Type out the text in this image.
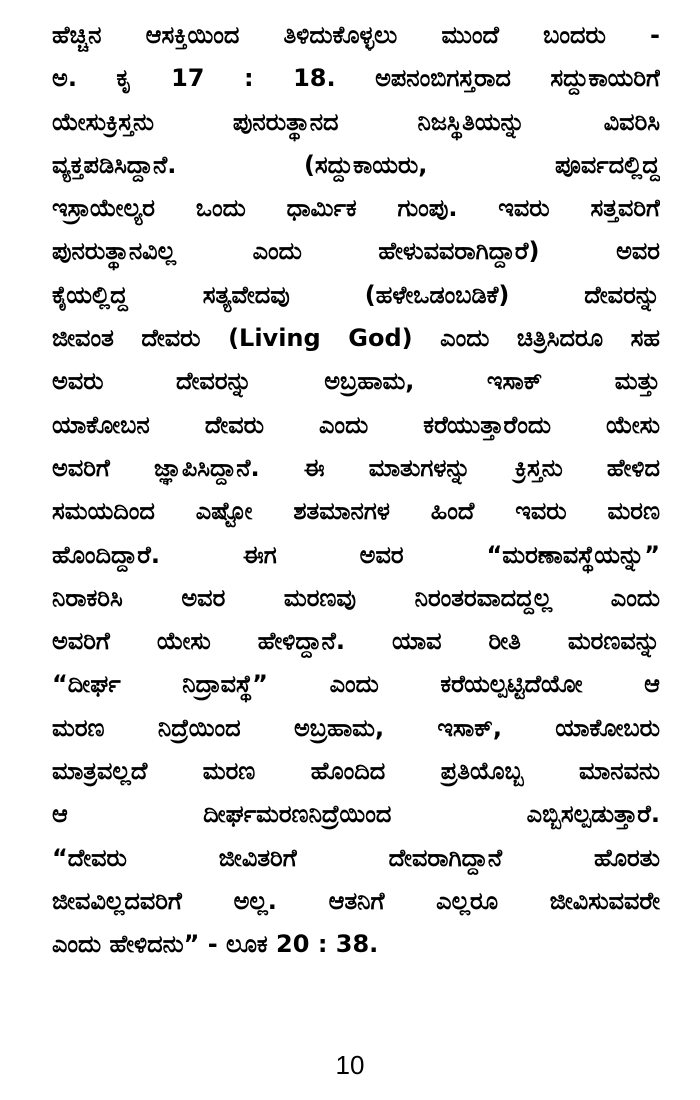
ಹೆಚ್ಚಿನ ಆಸಕ್ತಿಯಿಂದ ತಿಳಿದುಕೊಳ್ಳಲು ಮುಂದೆ ಬಂದರು -
ಅ. ಕೃ 17 : 18. ಅಪನಂಬಿಗಸ್ತರಾದ ಸದ್ದುಕಾಯರಿಗೆ
ಯೇಸುಕ್ರಿಸ್ತನು ಪುನರುತ್ಥಾನದ ನಿಜಸ್ಥಿತಿಯನ್ನು ವಿವರಿಸಿ
ವ್ಯಕ್ತಪಡಿಸಿದ್ದಾನೆ. (ಸದ್ದುಕಾಯರು, ಪೂರ್ವದಲ್ಲಿದ್ದ
ಇಸ್ರಾಯೇಲ್ಯರ ಒಂದು ಧಾರ್ಮಿಕ ಗುಂಪು. ಇವರು ಸತ್ತವರಿಗೆ
ಪುನರುತ್ಥಾನವಿಲ್ಲ ಎಂದು ಹೇಳುವವರಾಗಿದ್ದಾರೆ) ಅವರ
ಕೈಯಲ್ಲಿದ್ದ ಸತ್ಯವೇದವು (ಹಳೇಒಡಂಬಡಿಕೆ) ದೇವರನ್ನು
ಜೀವಂತ ದೇವರು (Living God) ಎಂದು ಚಿತ್ರಿಸಿದರೂ ಸಹ
ಅವರು ದೇವರನ್ನು ಅಬ್ರಹಾಮ, ಇಸಾಕ್ ಮತ್ತು
ಯಾಕೋಬನ ದೇವರು ಎಂದು ಕರೆಯುತ್ತಾರೆಂದು ಯೇಸು
ಅವರಿಗೆ ಜ್ಞಾಪಿಸಿದ್ದಾನೆ. ಈ ಮಾತುಗಳನ್ನು ಕ್ರಿಸ್ತನು ಹೇಳಿದ
ಸಮಯದಿಂದ ಎಷ್ಟೋ ಶತಮಾನಗಳ ಹಿಂದೆ ಇವರು ಮರಣ
ಹೊಂದಿದ್ದಾರೆ. ಈಗ ಅವರ “ಮರಣಾವಸ್ಥೆಯನ್ನು”
ನಿರಾಕರಿಸಿ ಅವರ ಮರಣವು ನಿರಂತರವಾದದ್ದಲ್ಲ ಎಂದು
ಅವರಿಗೆ ಯೇಸು ಹೇಳಿದ್ದಾನೆ. ಯಾವ ರೀತಿ ಮರಣವನ್ನು
“ದೀರ್ಘ ನಿದ್ರಾವಸ್ಥೆ” ಎಂದು ಕರೆಯಲ್ಪಟ್ಟಿದೆಯೋ ಆ
ಮರಣ ನಿದ್ರೆಯಿಂದ ಅಬ್ರಹಾಮ, ಇಸಾಕ್, ಯಾಕೋಬರು
ಮಾತ್ರವಲ್ಲದೆ ಮರಣ ಹೊಂದಿದ ಪ್ರತಿಯೊಬ್ಬ ಮಾನವನು
ಆ ದೀರ್ಘಮರಣನಿದ್ರೆಯಿಂದ ಎಬ್ಬಿಸಲ್ಪಡುತ್ತಾರೆ.
“ದೇವರು ಜೀವಿತರಿಗೆ ದೇವರಾಗಿದ್ದಾನೆ ಹೊರತು
ಜೀವವಿಲ್ಲದವರಿಗೆ ಅಲ್ಲ. ಆತನಿಗೆ ಎಲ್ಲರೂ ಜೀವಿಸುವವರೇ
ಎಂದು ಹೇಳಿದನು” - ಲೂಕ 20 : 38.
10
